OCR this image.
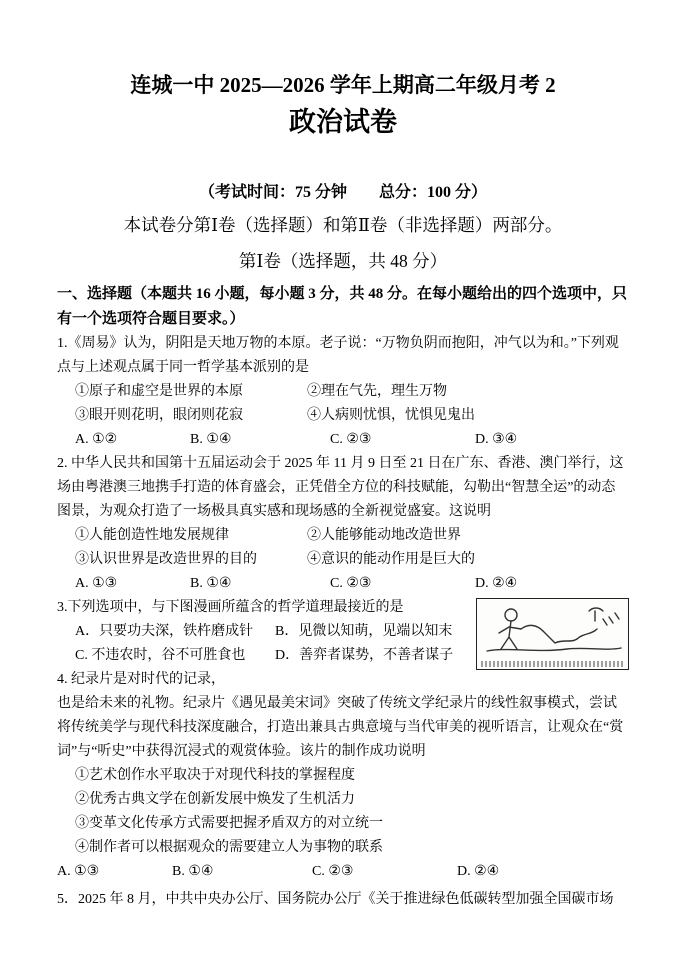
连城一中 2025—2026 学年上期高二年级月考 2
政治试卷
（考试时间：75 分钟　　总分：100 分）
本试卷分第Ⅰ卷（选择题）和第Ⅱ卷（非选择题）两部分。
第Ⅰ卷（选择题，共 48 分）
一、选择题（本题共 16 小题，每小题 3 分，共 48 分。在每小题给出的四个选项中，只有一个选项符合题目要求。）

1.《周易》认为，阴阳是天地万物的本原。老子说：“万物负阴而抱阳，冲气以为和。”下列观点与上述观点属于同一哲学基本派别的是

①原子和虚空是世界的本原	②理在气先，理生万物
③眼开则花明，眼闭则花寂	④人病则忧惧，忧惧见鬼出
A. ①②	B. ①④	C. ②③	D. ③④

2. 中华人民共和国第十五届运动会于 2025 年 11 月 9 日至 21 日在广东、香港、澳门举行，这场由粤港澳三地携手打造的体育盛会，正凭借全方位的科技赋能，勾勒出“智慧全运”的动态图景，为观众打造了一场极具真实感和现场感的全新视觉盛宴。这说明

①人能创造性地发展规律	②人能够能动地改造世界
③认识世界是改造世界的目的	④意识的能动作用是巨大的
A. ①③	B. ①④	C. ②③	D. ②④

3.下列选项中，与下图漫画所蕴含的哲学道理最接近的是

A．只要功夫深，铁杵磨成针 B．见微以知萌，见端以知末
C. 不违农时，谷不可胜食也 D．善弈者谋势，不善者谋子
4. 纪录片是对时代的记录，

也是给未来的礼物。纪录片《遇见最美宋词》突破了传统文学纪录片的线性叙事模式，尝试将传统美学与现代科技深度融合，打造出兼具古典意境与当代审美的视听语言，让观众在“赏词”与“听史”中获得沉浸式的观赏体验。该片的制作成功说明

①艺术创作水平取决于对现代科技的掌握程度
②优秀古典文学在创新发展中焕发了生机活力
③变革文化传承方式需要把握矛盾双方的对立统一
④制作者可以根据观众的需要建立人为事物的联系
A. ①③	B. ①④	C. ②③	D. ②④

5．2025 年 8 月，中共中央办公厅、国务院办公厅《关于推进绿色低碳转型加强全国碳市场
